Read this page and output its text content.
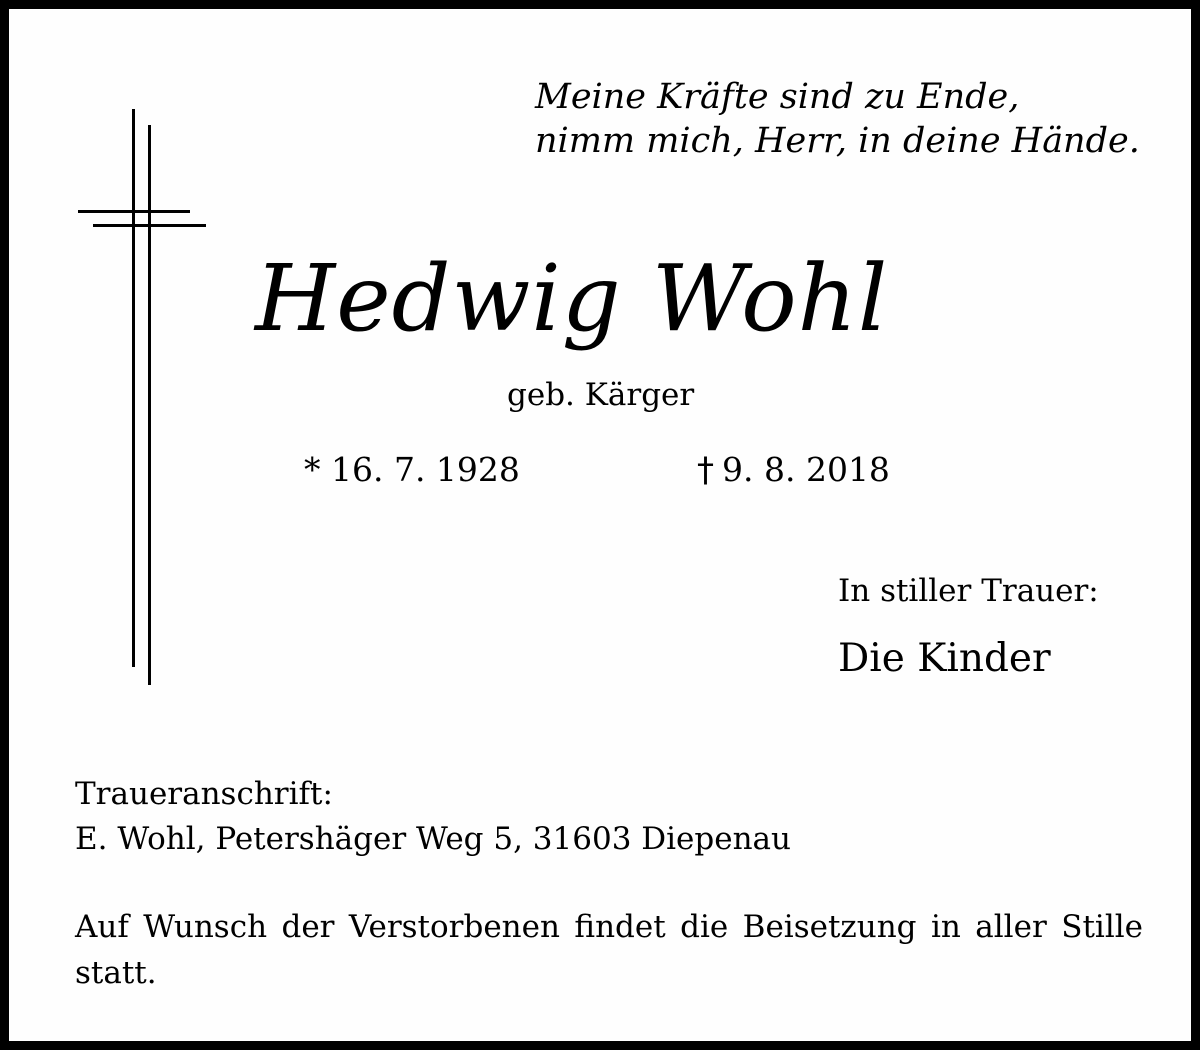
Meine Kräfte sind zu Ende,
nimm mich, Herr, in deine Hände.
Hedwig Wohl
geb. Kärger
* 16. 7. 1928	† 9. 8. 2018
In stiller Trauer:
Die Kinder
Traueranschrift:
E. Wohl, Petershäger Weg 5, 31603 Diepenau
Auf Wunsch der Verstorbenen findet die Beisetzung in aller Stille statt.
